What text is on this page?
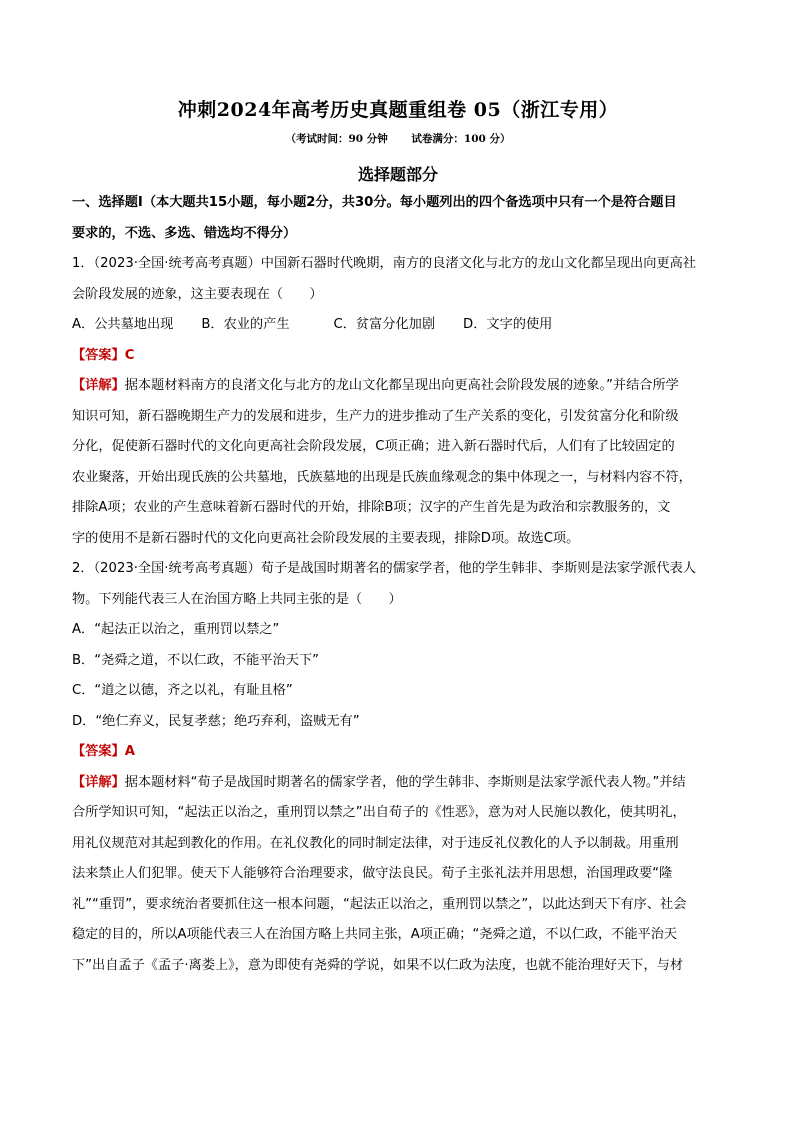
冲刺2024年高考历史真题重组卷 05（浙江专用）
（考试时间：90 分钟 试卷满分：100 分）
选择题部分

一、选择题Ⅰ（本大题共15小题，每小题2分，共30分。每小题列出的四个备选项中只有一个是符合题目

要求的，不选、多选、错选均不得分）

1．（2023·全国·统考高考真题）中国新石器时代晚期，南方的良渚文化与北方的龙山文化都呈现出向更高社

会阶段发展的迹象，这主要表现在（　　）

A．公共墓地出现 B．农业的产生	C．贫富分化加剧 D．文字的使用

【答案】C

【详解】据本题材料南方的良渚文化与北方的龙山文化都呈现出向更高社会阶段发展的迹象。”并结合所学

知识可知，新石器晚期生产力的发展和进步，生产力的进步推动了生产关系的变化，引发贫富分化和阶级

分化，促使新石器时代的文化向更高社会阶段发展，C项正确；进入新石器时代后，人们有了比较固定的

农业聚落，开始出现氏族的公共墓地，氏族墓地的出现是氏族血缘观念的集中体现之一，与材料内容不符，

排除A项；农业的产生意味着新石器时代的开始，排除B项；汉字的产生首先是为政治和宗教服务的，文

字的使用不是新石器时代的文化向更高社会阶段发展的主要表现，排除D项。故选C项。

2．（2023·全国·统考高考真题）荀子是战国时期著名的儒家学者，他的学生韩非、李斯则是法家学派代表人

物。下列能代表三人在治国方略上共同主张的是（　　）

A．“起法正以治之，重刑罚以禁之”

B．“尧舜之道，不以仁政，不能平治天下”

C．“道之以德，齐之以礼，有耻且格”

D．“绝仁弃义，民复孝慈；绝巧弃利，盗贼无有”

【答案】A

【详解】据本题材料“荀子是战国时期著名的儒家学者，他的学生韩非、李斯则是法家学派代表人物。”并结

合所学知识可知，“起法正以治之，重刑罚以禁之”出自荀子的《性恶》，意为对人民施以教化，使其明礼，

用礼仪规范对其起到教化的作用。在礼仪教化的同时制定法律，对于违反礼仪教化的人予以制裁。用重刑

法来禁止人们犯罪。使天下人能够符合治理要求，做守法良民。荀子主张礼法并用思想，治国理政要“隆

礼”“重罚”，要求统治者要抓住这一根本问题，“起法正以治之，重刑罚以禁之”，以此达到天下有序、社会

稳定的目的，所以A项能代表三人在治国方略上共同主张，A项正确；“尧舜之道，不以仁政，不能平治天

下”出自孟子《孟子·离娄上》，意为即使有尧舜的学说，如果不以仁政为法度，也就不能治理好天下，与材
